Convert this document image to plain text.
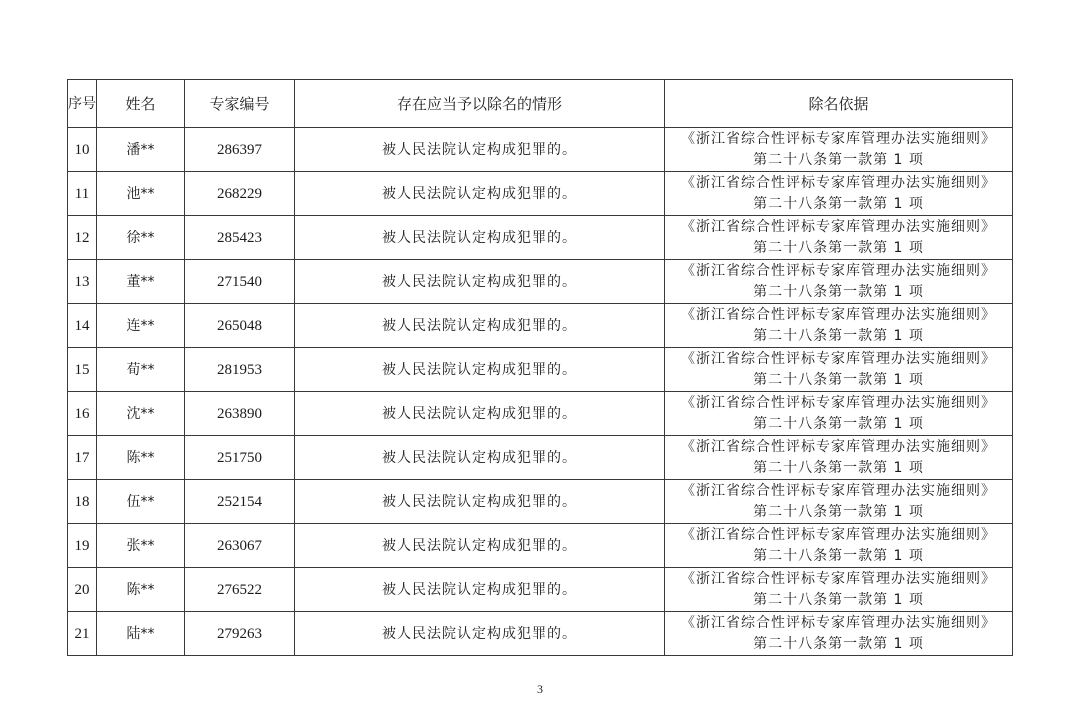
序号	姓名	专家编号	存在应当予以除名的情形	除名依据
10	潘**	286397	被人民法院认定构成犯罪的。	《浙江省综合性评标专家库管理办法实施细则》
第二十八条第一款第 1 项

11	池**	268229	被人民法院认定构成犯罪的。	《浙江省综合性评标专家库管理办法实施细则》
第二十八条第一款第 1 项

12	徐**	285423	被人民法院认定构成犯罪的。	《浙江省综合性评标专家库管理办法实施细则》
第二十八条第一款第 1 项

13	董**	271540	被人民法院认定构成犯罪的。	《浙江省综合性评标专家库管理办法实施细则》
第二十八条第一款第 1 项

14	连**	265048	被人民法院认定构成犯罪的。	《浙江省综合性评标专家库管理办法实施细则》
第二十八条第一款第 1 项

15	荀**	281953	被人民法院认定构成犯罪的。	《浙江省综合性评标专家库管理办法实施细则》
第二十八条第一款第 1 项

16	沈**	263890	被人民法院认定构成犯罪的。	《浙江省综合性评标专家库管理办法实施细则》
第二十八条第一款第 1 项

17	陈**	251750	被人民法院认定构成犯罪的。	《浙江省综合性评标专家库管理办法实施细则》
第二十八条第一款第 1 项

18	伍**	252154	被人民法院认定构成犯罪的。	《浙江省综合性评标专家库管理办法实施细则》
第二十八条第一款第 1 项

19	张**	263067	被人民法院认定构成犯罪的。	《浙江省综合性评标专家库管理办法实施细则》
第二十八条第一款第 1 项

20	陈**	276522	被人民法院认定构成犯罪的。	《浙江省综合性评标专家库管理办法实施细则》
第二十八条第一款第 1 项

21	陆**	279263	被人民法院认定构成犯罪的。	《浙江省综合性评标专家库管理办法实施细则》
第二十八条第一款第 1 项
3
